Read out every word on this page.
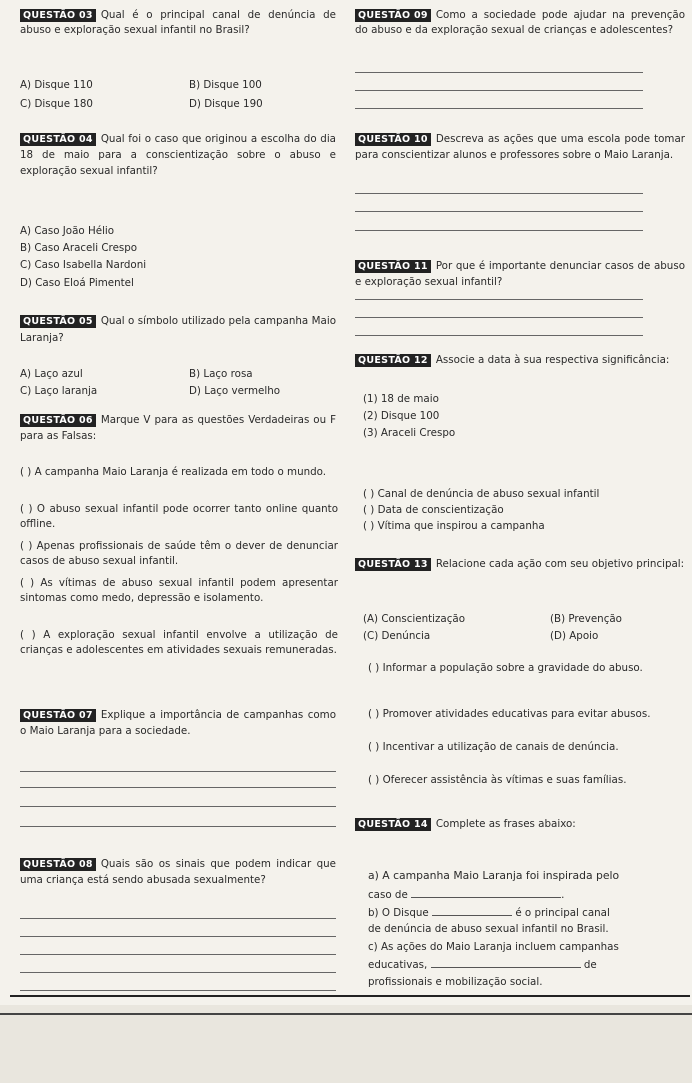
QUESTÃO 03 Qual é o principal canal de denúncia de abuso e exploração sexual infantil no Brasil?
A) Disque 110	B) Disque 100
C) Disque 180	D) Disque 190
QUESTÃO 04 Qual foi o caso que originou a escolha do dia 18 de maio para a conscientização sobre o abuso e exploração sexual infantil?
A) Caso João Hélio
B) Caso Araceli Crespo
C) Caso Isabella Nardoni
D) Caso Eloá Pimentel
QUESTÃO 05 Qual o símbolo utilizado pela campanha Maio Laranja?
A) Laço azul	B) Laço rosa
C) Laço laranja	D) Laço vermelho
QUESTÃO 06 Marque V para as questões Verdadeiras ou F para as Falsas:
( ) A campanha Maio Laranja é realizada em todo o mundo.
( ) O abuso sexual infantil pode ocorrer tanto online quanto offline.
( ) Apenas profissionais de saúde têm o dever de denunciar casos de abuso sexual infantil.
( ) As vítimas de abuso sexual infantil podem apresentar sintomas como medo, depressão e isolamento.
( ) A exploração sexual infantil envolve a utilização de crianças e adolescentes em atividades sexuais remuneradas.
QUESTÃO 07 Explique a importância de campanhas como o Maio Laranja para a sociedade.
QUESTÃO 08 Quais são os sinais que podem indicar que uma criança está sendo abusada sexualmente?
QUESTÃO 09 Como a sociedade pode ajudar na prevenção do abuso e da exploração sexual de crianças e adolescentes?
QUESTÃO 10 Descreva as ações que uma escola pode tomar para conscientizar alunos e professores sobre o Maio Laranja.
QUESTÃO 11 Por que é importante denunciar casos de abuso e exploração sexual infantil?
QUESTÃO 12 Associe a data à sua respectiva significância:
(1) 18 de maio
(2) Disque 100
(3) Araceli Crespo
( ) Canal de denúncia de abuso sexual infantil
( ) Data de conscientização
( ) Vítima que inspirou a campanha
QUESTÃO 13 Relacione cada ação com seu objetivo principal:
(A) Conscientização	(B) Prevenção
(C) Denúncia	(D) Apoio
( ) Informar a população sobre a gravidade do abuso.
( ) Promover atividades educativas para evitar abusos.
( ) Incentivar a utilização de canais de denúncia.
( ) Oferecer assistência às vítimas e suas famílias.
QUESTÃO 14 Complete as frases abaixo:
a) A campanha Maio Laranja foi inspirada pelo
caso de	.
b) O Disque	é o principal canal
de denúncia de abuso sexual infantil no Brasil.
c) As ações do Maio Laranja incluem campanhas
educativas,	de
profissionais e mobilização social.
